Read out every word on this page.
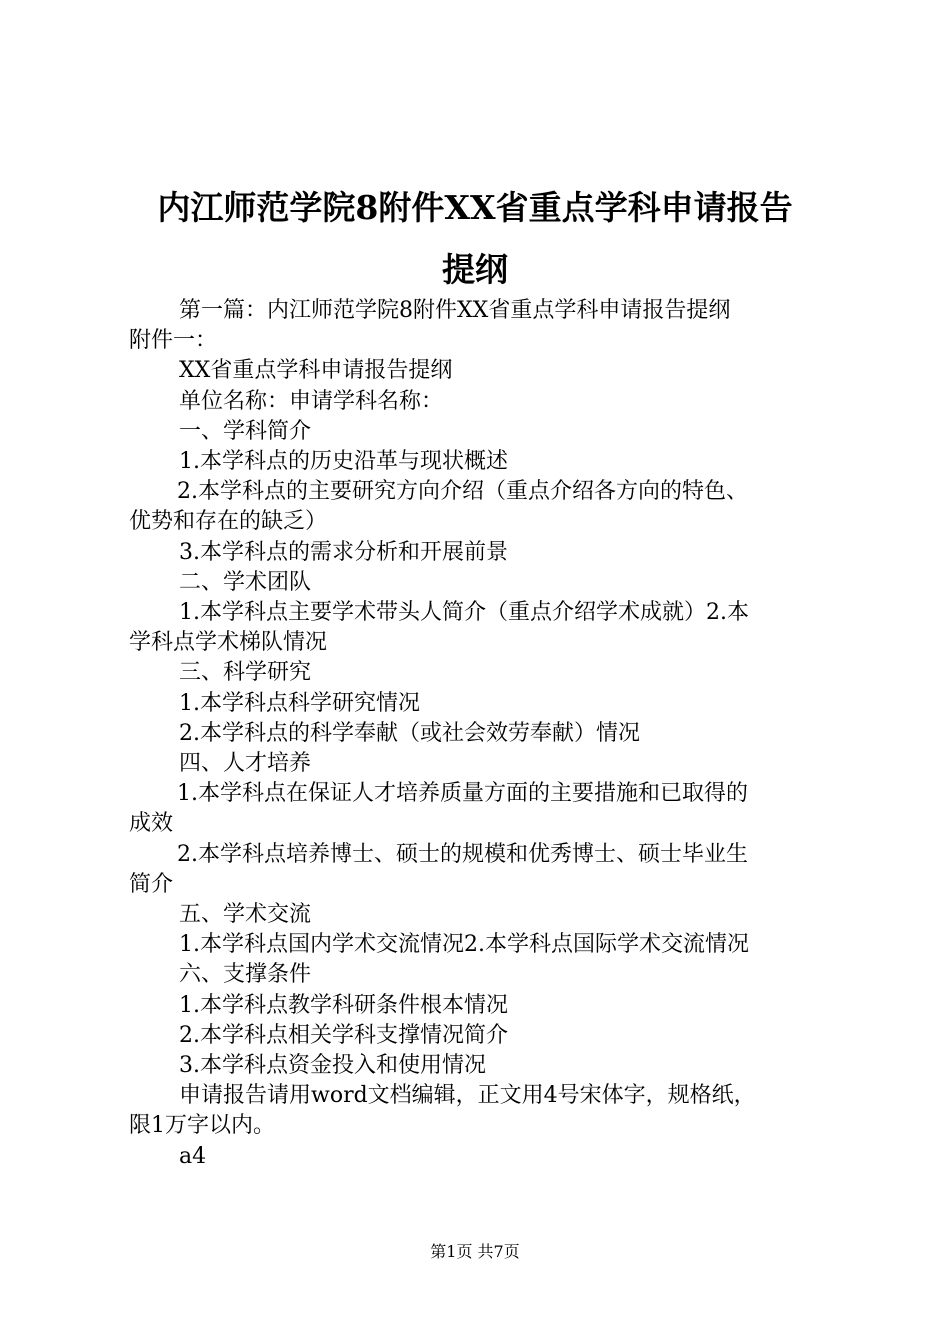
内江师范学院8附件XX省重点学科申请报告
提纲

第一篇：内江师范学院8附件XX省重点学科申请报告提纲

附件一：

XX省重点学科申请报告提纲

单位名称：申请学科名称：

一、学科简介

1.本学科点的历史沿革与现状概述

2.本学科点的主要研究方向介绍（重点介绍各方向的特色、

优势和存在的缺乏）

3.本学科点的需求分析和开展前景

二、学术团队

1.本学科点主要学术带头人简介（重点介绍学术成就）2.本

学科点学术梯队情况

三、科学研究

1.本学科点科学研究情况

2.本学科点的科学奉献（或社会效劳奉献）情况

四、人才培养

1.本学科点在保证人才培养质量方面的主要措施和已取得的

成效

2.本学科点培养博士、硕士的规模和优秀博士、硕士毕业生

简介

五、学术交流

1.本学科点国内学术交流情况2.本学科点国际学术交流情况

六、支撑条件

1.本学科点教学科研条件根本情况

2.本学科点相关学科支撑情况简介

3.本学科点资金投入和使用情况

申请报告请用word文档编辑，正文用4号宋体字，规格纸，

限1万字以内。

a4

第1页 共7页
